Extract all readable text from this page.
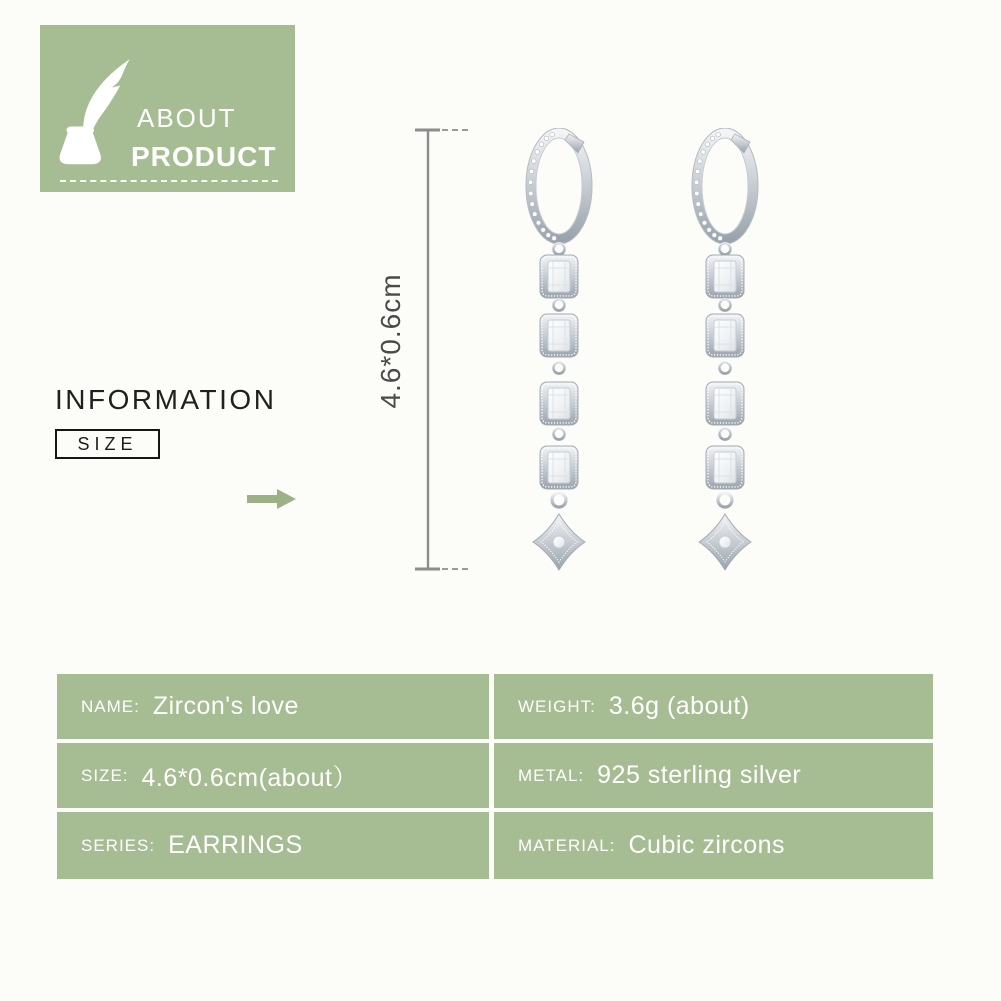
ABOUT
PRODUCT
INFORMATION
SIZE
4.6*0.6cm
NAME: Zircon's love	WEIGHT: 3.6g (about)
SIZE: 4.6*0.6cm(about）	METAL: 925 sterling silver
SERIES: EARRINGS	MATERIAL: Cubic zircons
